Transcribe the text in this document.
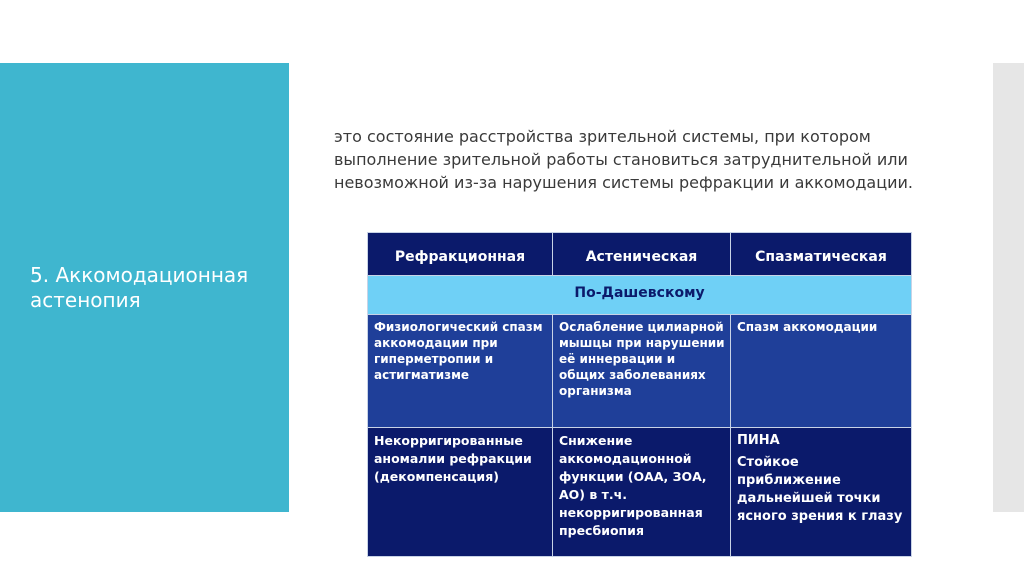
5. Аккомодационная астенопия
это состояние расстройства зрительной системы, при котором выполнение зрительной работы становиться затруднительной или невозможной из-за нарушения системы рефракции и аккомодации.
Рефракционная	Астеническая	Спазматическая

По-Дашевскому		

Физиологический спазм аккомодации при гиперметропии и астигматизме	Ослабление цилиарной мышцы при нарушении её иннервации и общих заболеваниях организма	Спазм аккомодации

Некорригированные аномалии рефракции (декомпенсация)	Снижение аккомодационной функции (ОАА, ЗОА, АО) в т.ч. некорригированная пресбиопия	ПИНА
Стойкое приближение дальнейшей точки ясного зрения к глазу
